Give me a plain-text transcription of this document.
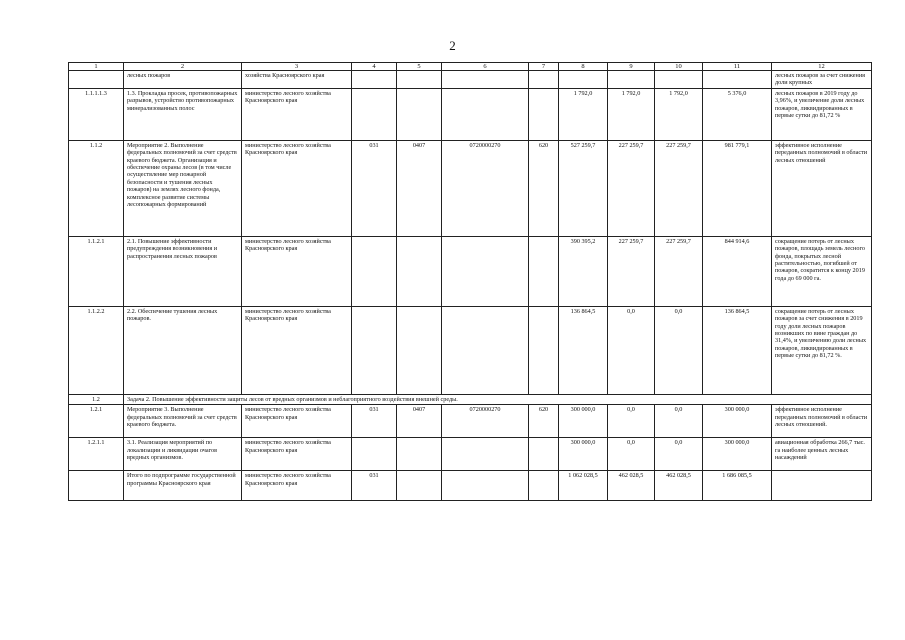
2
1	2	3	4	5	6	7	8	9	10	11	12
	лесных пожаров	хозяйства Красноярского края									лесных пожаров за счет снижения доли крупных
1.1.1.1.3	1.3. Прокладка просек, противопожарных разрывов, устройство противопожарных минерализованных полос	министерство лесного хозяйства Красноярского края					1 792,0	1 792,0	1 792,0	5 376,0	лесных пожаров в 2019 году до 3,96%, и увеличение доли лесных пожаров, ликвидированных в первые сутки до 81,72 %
1.1.2	Мероприятие 2. Выполнение федеральных полномочий за счет средств краевого бюджета. Организация и обеспечение охраны лесов (в том числе осуществление мер пожарной безопасности и тушения лесных пожаров) на землях лесного фонда, комплексное развитие системы лесопожарных формирований	министерство лесного хозяйства Красноярского края	031	0407	0720000270	620	527 259,7	227 259,7	227 259,7	981 779,1	эффективное исполнение переданных полномочий в области лесных отношений
1.1.2.1	2.1. Повышение эффективности предупреждения возникновения и распространения лесных пожаров	министерство лесного хозяйства Красноярского края					390 395,2	227 259,7	227 259,7	844 914,6	сокращение потерь от лесных пожаров, площадь земель лесного фонда, покрытых лесной растительностью, погибшей от пожаров, сократится к концу 2019 года до 69 000 га.
1.1.2.2	2.2. Обеспечение тушения лесных пожаров.	министерство лесного хозяйства Красноярского края					136 864,5	0,0	0,0	136 864,5	сокращение потерь от лесных пожаров за счет снижения в 2019 году доли лесных пожаров возникших по вине граждан до 31,4%, и увеличению доли лесных пожаров, ликвидированных в первые сутки до 81,72 %.
1.2	Задача 2. Повышение эффективности защиты лесов от вредных организмов и неблагоприятного воздействия внешней среды.										
1.2.1	Мероприятие 3. Выполнение федеральных полномочий за счет средств краевого бюджета.	министерство лесного хозяйства Красноярского края	031	0407	0720000270	620	300 000,0	0,0	0,0	300 000,0	эффективное исполнение переданных полномочий в области лесных отношений.
1.2.1.1	3.1. Реализация мероприятий по локализации и ликвидации очагов вредных организмов.	министерство лесного хозяйства Красноярского края					300 000,0	0,0	0,0	300 000,0	авиационная обработка 266,7 тыс. га наиболее ценных лесных насаждений
	Итого по подпрограмме государственной программы Красноярского края	министерство лесного хозяйства Красноярского края	031				1 062 028,5	462 028,5	462 028,5	1 686 085,5	
